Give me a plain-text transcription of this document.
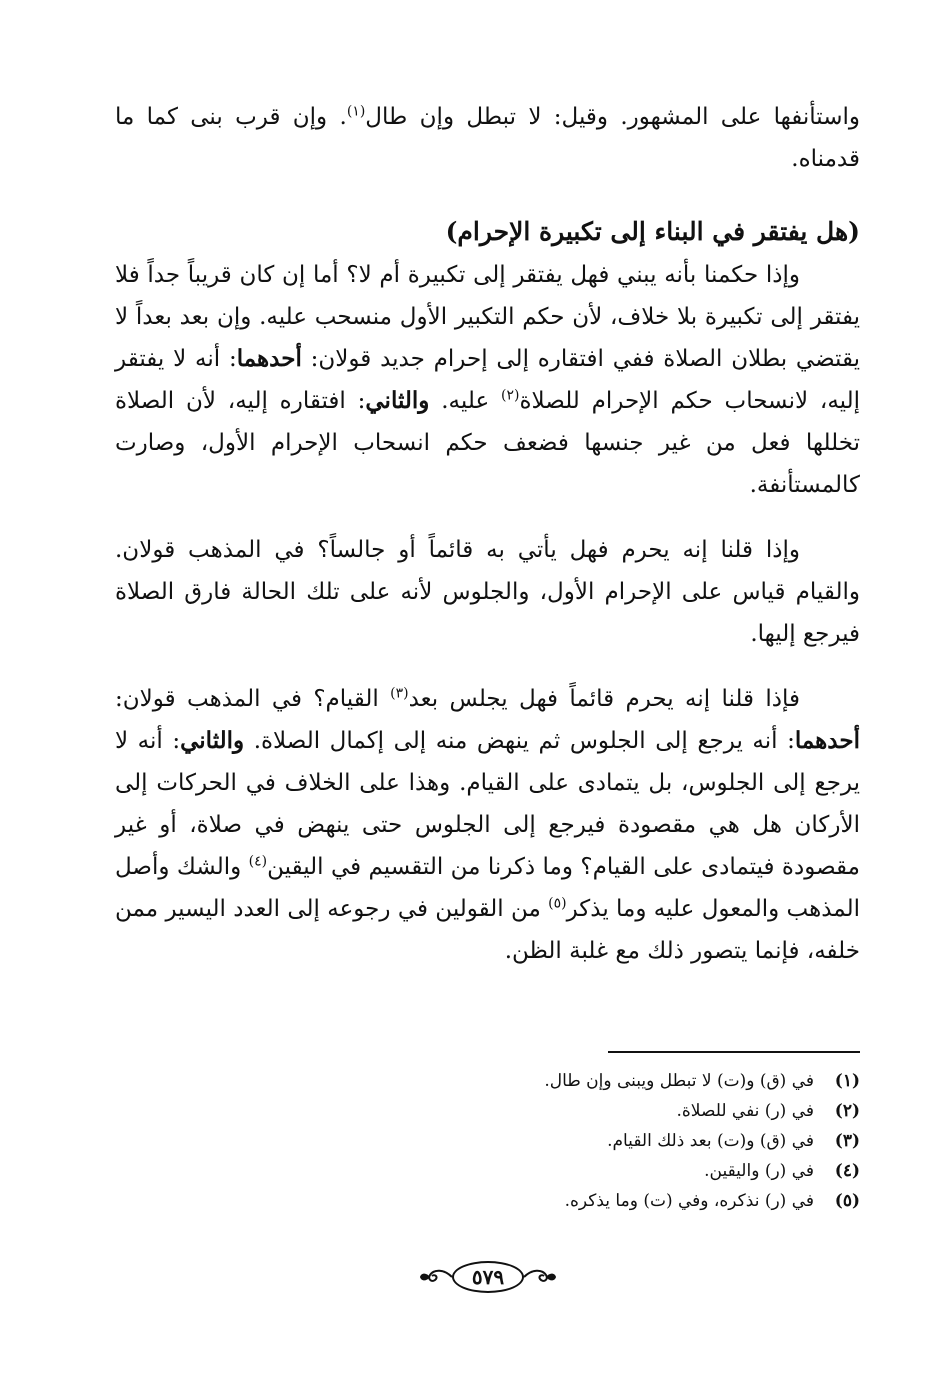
واستأنفها على المشهور. وقيل: لا تبطل وإن طال$^{(١)}$. وإن قرب بنى كما ما قدمناه.

(هل يفتقر في البناء إلى تكبيرة الإحرام)

وإذا حكمنا بأنه يبني فهل يفتقر إلى تكبيرة أم لا؟ أما إن كان قريباً جداً فلا يفتقر إلى تكبيرة بلا خلاف، لأن حكم التكبير الأول منسحب عليه. وإن بعد بعداً لا يقتضي بطلان الصلاة ففي افتقاره إلى إحرام جديد قولان: أحدهما: أنه لا يفتقر إليه، لانسحاب حكم الإحرام للصلاة$^{(٢)}$ عليه. والثاني: افتقاره إليه، لأن الصلاة تخللها فعل من غير جنسها فضعف حكم انسحاب الإحرام الأول، وصارت كالمستأنفة.

وإذا قلنا إنه يحرم فهل يأتي به قائماً أو جالساً؟ في المذهب قولان. والقيام قياس على الإحرام الأول، والجلوس لأنه على تلك الحالة فارق الصلاة فيرجع إليها.

فإذا قلنا إنه يحرم قائماً فهل يجلس بعد$^{(٣)}$ القيام؟ في المذهب قولان: أحدهما: أنه يرجع إلى الجلوس ثم ينهض منه إلى إكمال الصلاة. والثاني: أنه لا يرجع إلى الجلوس، بل يتمادى على القيام. وهذا على الخلاف في الحركات إلى الأركان هل هي مقصودة فيرجع إلى الجلوس حتى ينهض في صلاة، أو غير مقصودة فيتمادى على القيام؟ وما ذكرنا من التقسيم في اليقين$^{(٤)}$ والشك وأصل المذهب والمعول عليه وما يذكر$^{(٥)}$ من القولين في رجوعه إلى العدد اليسير ممن خلفه، فإنما يتصور ذلك مع غلبة الظن.

(١)
في (ق) و(ت) لا تبطل ويبنى وإن طال.
(٢)
في (ر) نفي للصلاة.
(٣)
في (ق) و(ت) بعد ذلك القيام.
(٤)
في (ر) واليقين.
(٥)
في (ر) نذكره، وفي (ت) وما يذكره.
٥٧٩
